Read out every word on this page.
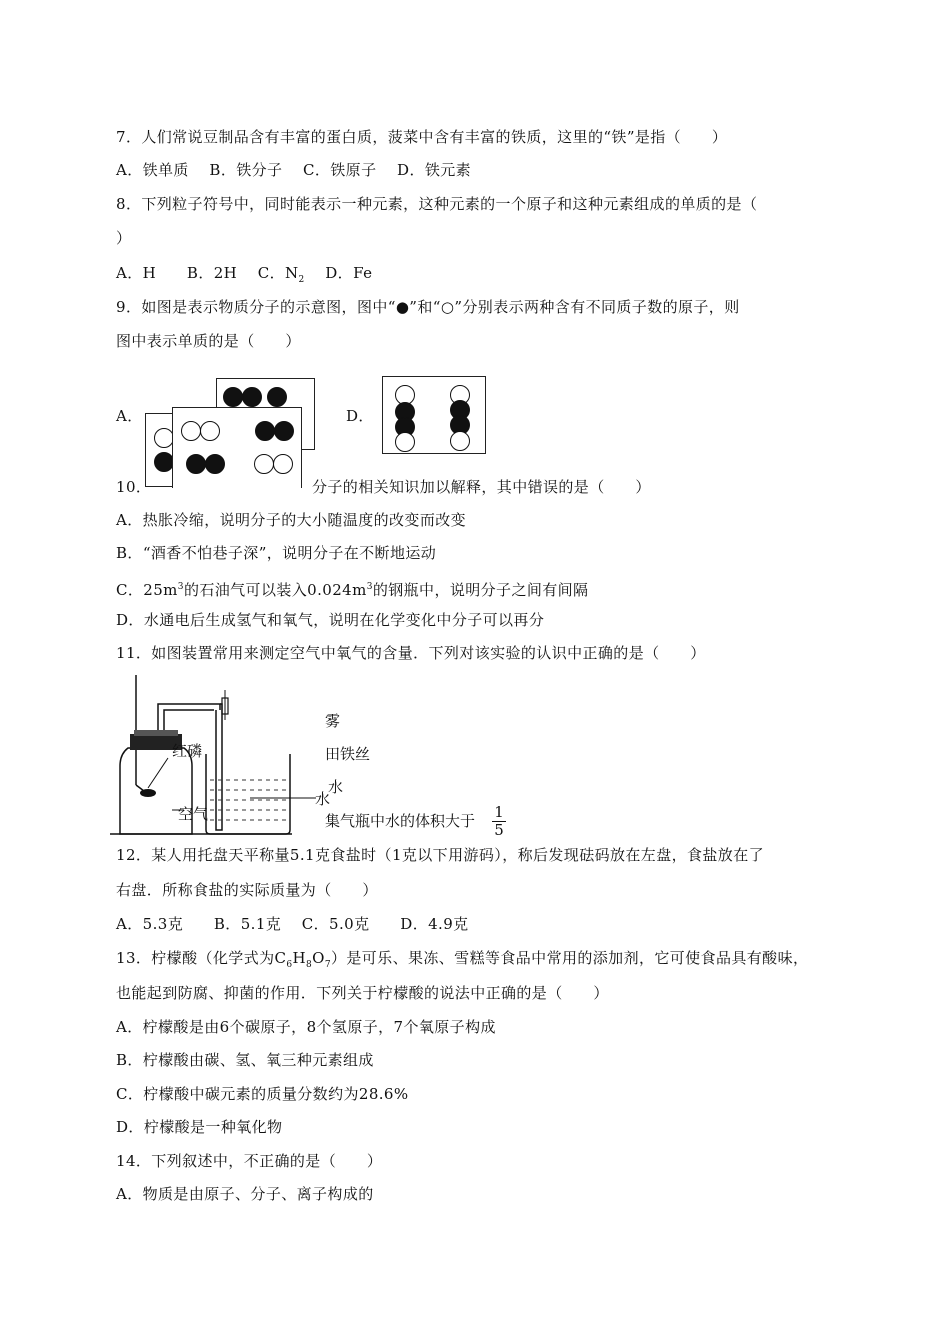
7．人们常说豆制品含有丰富的蛋白质，菠菜中含有丰富的铁质，这里的“铁”是指（　　）
A．铁单质　 B．铁分子　 C．铁原子　 D．铁元素
8．下列粒子符号中，同时能表示一种元素，这种元素的一个原子和这种元素组成的单质的是（
）
A．H　　B．2H　 C．$N_2$　 D．Fe
9．如图是表示物质分子的示意图，图中“●”和“○”分别表示两种含有不同质子数的原子，则
图中表示单质的是（　　）
A．	D．
10．	分子的相关知识加以解释，其中错误的是（　　）
A．热胀冷缩，说明分子的大小随温度的改变而改变
B．“酒香不怕巷子深”，说明分子在不断地运动
C．$25m^3$的石油气可以装入$0.024m^3$的钢瓶中，说明分子之间有间隔
D．水通电后生成氢气和氧气，说明在化学变化中分子可以再分
11．如图装置常用来测定空气中氧气的含量．下列对该实验的认识中正确的是（　　）
红磷
空气
水
雾
田铁丝
水
集气瓶中水的体积大于 $\frac{1}{5}$
12．某人用托盘天平称量5.1克食盐时（1克以下用游码），称后发现砝码放在左盘，食盐放在了
右盘．所称食盐的实际质量为（　　）
A．5.3克　　B．5.1克　 C．5.0克　　D．4.9克
13．柠檬酸（化学式为$C_6H_8O_7$）是可乐、果冻、雪糕等食品中常用的添加剂，它可使食品具有酸味，
也能起到防腐、抑菌的作用．下列关于柠檬酸的说法中正确的是（　　）
A．柠檬酸是由6个碳原子，8个氢原子，7个氧原子构成
B．柠檬酸由碳、氢、氧三种元素组成
C．柠檬酸中碳元素的质量分数约为28.6%
D．柠檬酸是一种氧化物
14．下列叙述中，不正确的是（　　）
A．物质是由原子、分子、离子构成的
